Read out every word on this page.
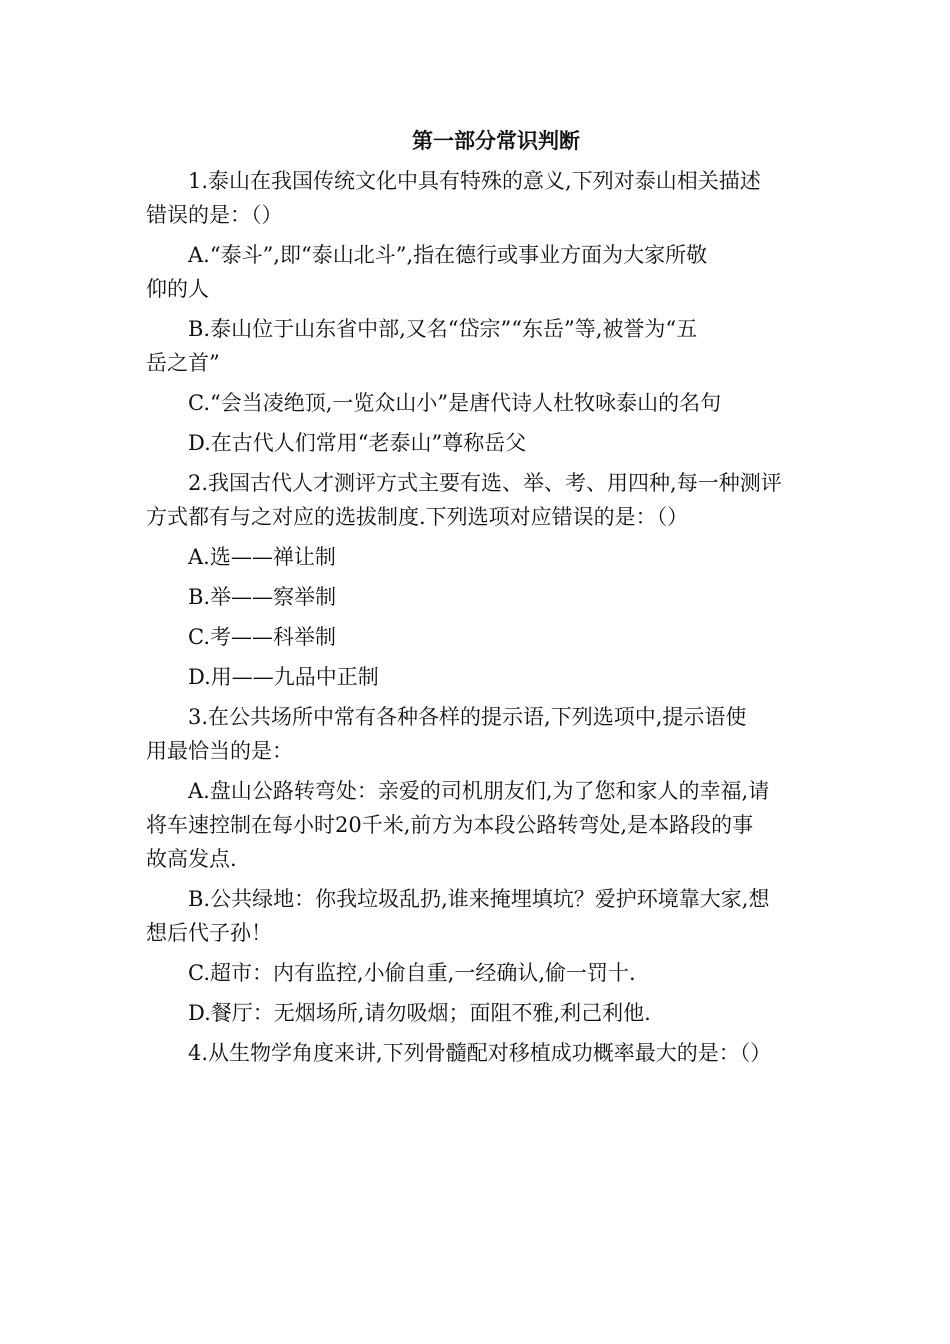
第一部分常识判断
1.泰山在我国传统文化中具有特殊的意义,下列对泰山相关描述
错误的是：（）
A.“泰斗”,即“泰山北斗”,指在德行或事业方面为大家所敬
仰的人
B.泰山位于山东省中部,又名“岱宗”“东岳”等,被誉为“五
岳之首”
C.“会当凌绝顶,一览众山小”是唐代诗人杜牧咏泰山的名句
D.在古代人们常用“老泰山”尊称岳父
2.我国古代人才测评方式主要有选、举、考、用四种,每一种测评
方式都有与之对应的选拔制度.下列选项对应错误的是：（）
A.选——禅让制
B.举——察举制
C.考——科举制
D.用——九品中正制
3.在公共场所中常有各种各样的提示语,下列选项中,提示语使
用最恰当的是：
A.盘山公路转弯处：亲爱的司机朋友们,为了您和家人的幸福,请
将车速控制在每小时20千米,前方为本段公路转弯处,是本路段的事
故高发点.
B.公共绿地：你我垃圾乱扔,谁来掩埋填坑？爱护环境靠大家,想
想后代子孙！
C.超市：内有监控,小偷自重,一经确认,偷一罚十.
D.餐厅：无烟场所,请勿吸烟；面阻不雅,利己利他.
4.从生物学角度来讲,下列骨髓配对移植成功概率最大的是：（）
